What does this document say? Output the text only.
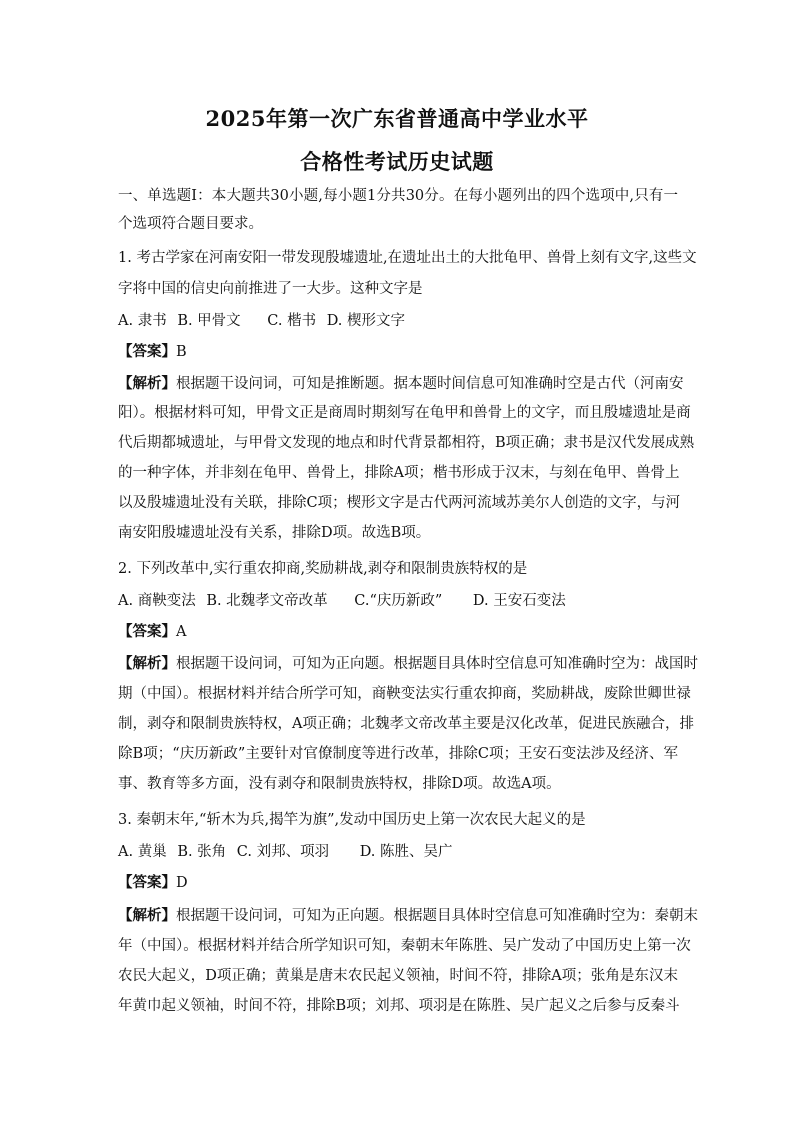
2025年第一次广东省普通高中学业水平
合格性考试历史试题
一、单选题Ⅰ：本大题共30小题,每小题1分共30分。在每小题列出的四个选项中,只有一
个选项符合题目要求。
1. 考古学家在河南安阳一带发现殷墟遗址,在遗址出土的大批龟甲、兽骨上刻有文字,这些文
字将中国的信史向前推进了一大步。这种文字是
A. 隶书 B. 甲骨文 C. 楷书 D. 楔形文字
【答案】B
【解析】根据题干设问词，可知是推断题。据本题时间信息可知准确时空是古代（河南安
阳）。根据材料可知，甲骨文正是商周时期刻写在龟甲和兽骨上的文字，而且殷墟遗址是商
代后期都城遗址，与甲骨文发现的地点和时代背景都相符，B项正确；隶书是汉代发展成熟
的一种字体，并非刻在龟甲、兽骨上，排除A项；楷书形成于汉末，与刻在龟甲、兽骨上
以及殷墟遗址没有关联，排除C项；楔形文字是古代两河流域苏美尔人创造的文字，与河
南安阳殷墟遗址没有关系，排除D项。故选B项。
2. 下列改革中,实行重农抑商,奖励耕战,剥夺和限制贵族特权的是
A. 商鞅变法 B. 北魏孝文帝改革 C.“庆历新政” D. 王安石变法
【答案】A
【解析】根据题干设问词，可知为正向题。根据题目具体时空信息可知准确时空为：战国时
期（中国）。根据材料并结合所学可知，商鞅变法实行重农抑商，奖励耕战，废除世卿世禄
制，剥夺和限制贵族特权，A项正确；北魏孝文帝改革主要是汉化改革，促进民族融合，排
除B项；“庆历新政”主要针对官僚制度等进行改革，排除C项；王安石变法涉及经济、军
事、教育等多方面，没有剥夺和限制贵族特权，排除D项。故选A项。
3. 秦朝末年,“斩木为兵,揭竿为旗”,发动中国历史上第一次农民大起义的是
A. 黄巢 B. 张角 C. 刘邦、项羽 D. 陈胜、吴广
【答案】D
【解析】根据题干设问词，可知为正向题。根据题目具体时空信息可知准确时空为：秦朝末
年（中国）。根据材料并结合所学知识可知，秦朝末年陈胜、吴广发动了中国历史上第一次
农民大起义，D项正确；黄巢是唐末农民起义领袖，时间不符，排除A项；张角是东汉末
年黄巾起义领袖，时间不符，排除B项；刘邦、项羽是在陈胜、吴广起义之后参与反秦斗
